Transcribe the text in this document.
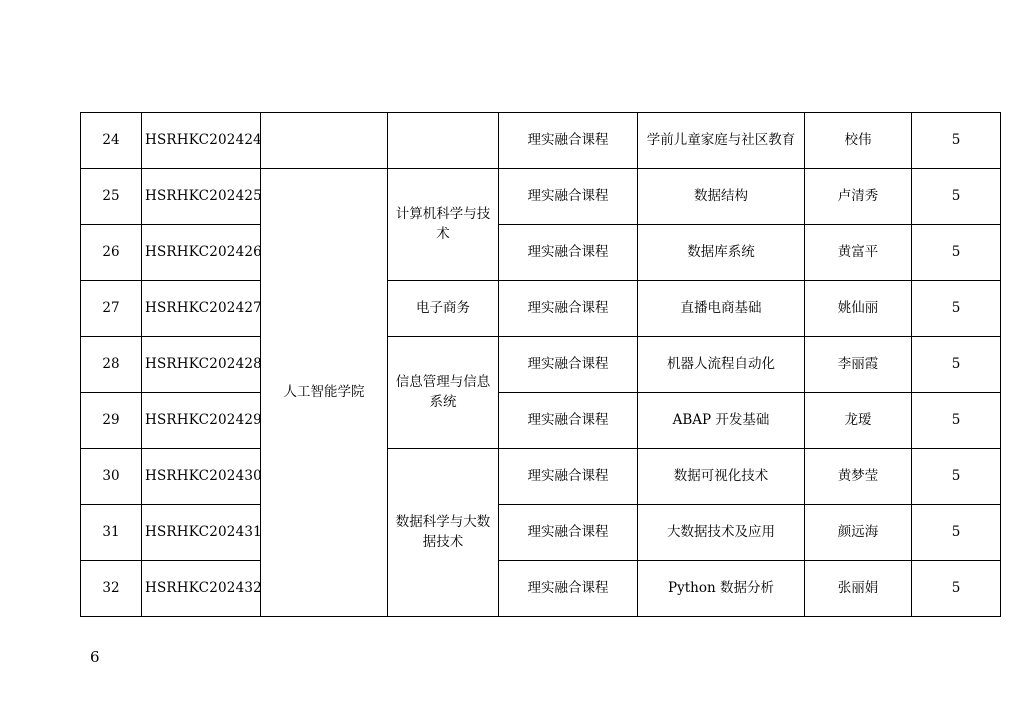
24	HSRHKC202424			理实融合课程	学前儿童家庭与社区教育	校伟	5
25	HSRHKC202425	人工智能学院	计算机科学与技术	理实融合课程	数据结构	卢清秀	5
26	HSRHKC202426			理实融合课程	数据库系统	黄富平	5
27	HSRHKC202427		电子商务	理实融合课程	直播电商基础	姚仙丽	5
28	HSRHKC202428		信息管理与信息系统	理实融合课程	机器人流程自动化	李丽霞	5
29	HSRHKC202429			理实融合课程	ABAP 开发基础	龙瑷	5
30	HSRHKC202430		数据科学与大数据技术	理实融合课程	数据可视化技术	黄梦莹	5
31	HSRHKC202431			理实融合课程	大数据技术及应用	颜远海	5
32	HSRHKC202432			理实融合课程	Python 数据分析	张丽娟	5
6
